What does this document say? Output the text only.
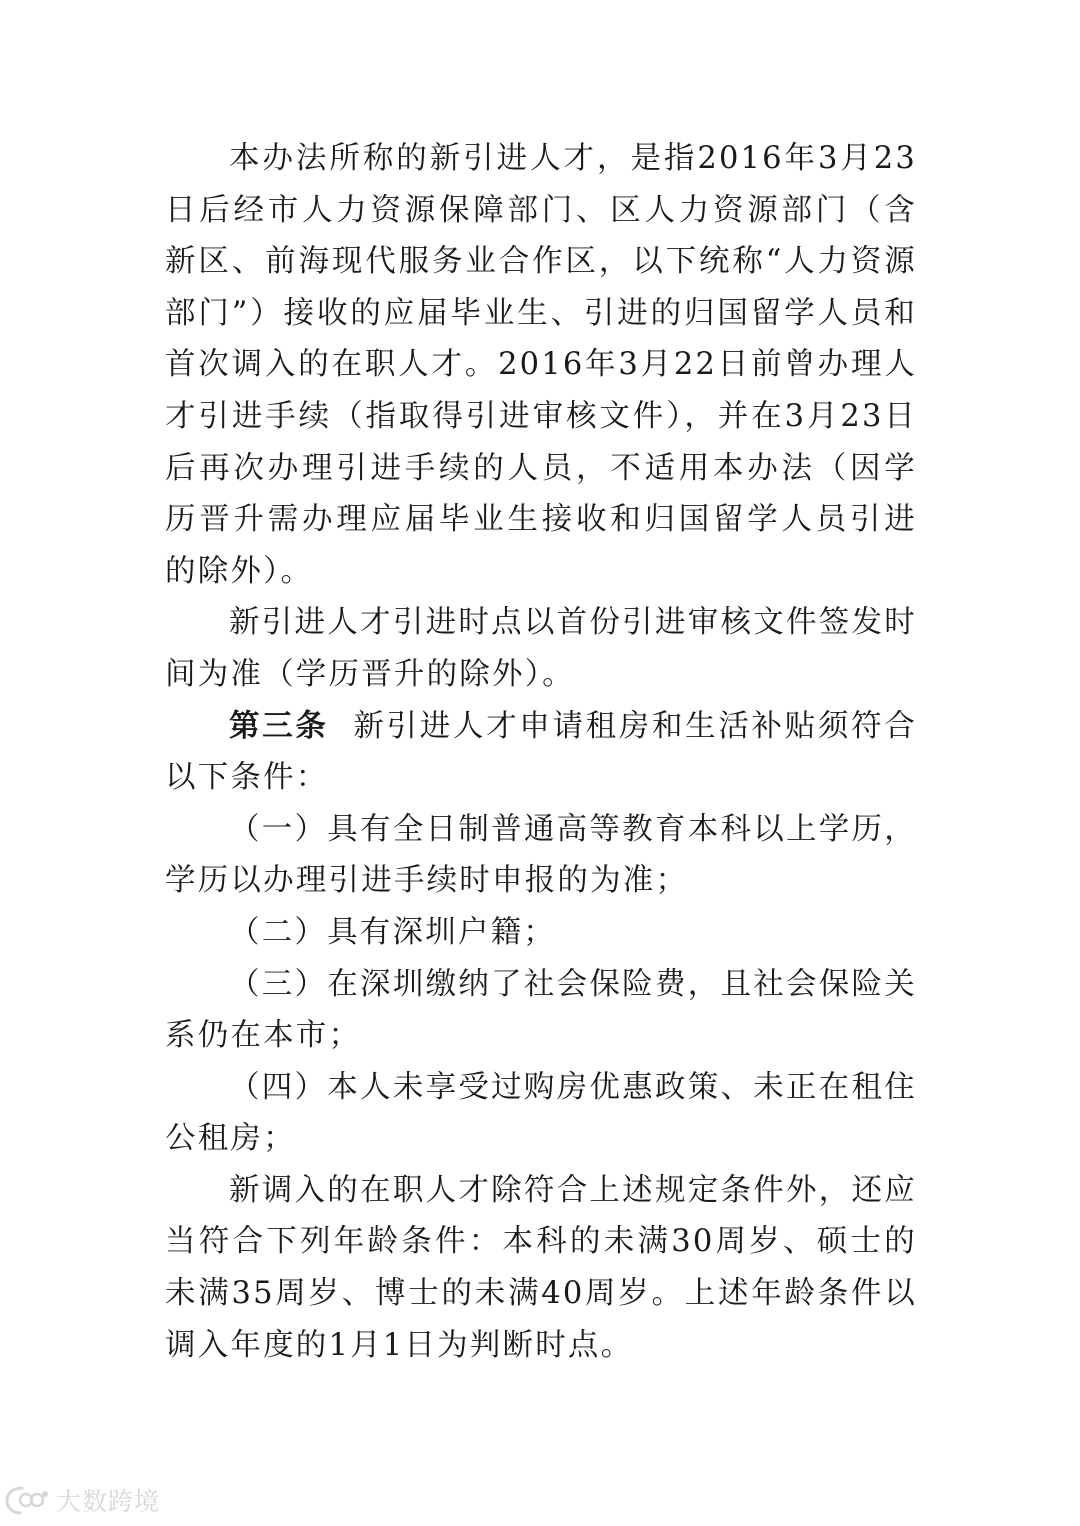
本办法所称的新引进人才，是指2016年3月23日后经市人力资源保障部门、区人力资源部门（含新区、前海现代服务业合作区，以下统称“人力资源部门”）接收的应届毕业生、引进的归国留学人员和首次调入的在职人才。2016年3月22日前曾办理人才引进手续（指取得引进审核文件），并在3月23日后再次办理引进手续的人员，不适用本办法（因学历晋升需办理应届毕业生接收和归国留学人员引进的除外）。

新引进人才引进时点以首份引进审核文件签发时间为准（学历晋升的除外）。

第三条 新引进人才申请租房和生活补贴须符合以下条件：

（一）具有全日制普通高等教育本科以上学历，学历以办理引进手续时申报的为准；

（二）具有深圳户籍；

（三）在深圳缴纳了社会保险费，且社会保险关系仍在本市；

（四）本人未享受过购房优惠政策、未正在租住公租房；

新调入的在职人才除符合上述规定条件外，还应当符合下列年龄条件：本科的未满30周岁、硕士的未满35周岁、博士的未满40周岁。上述年龄条件以调入年度的1月1日为判断时点。

大数跨境
